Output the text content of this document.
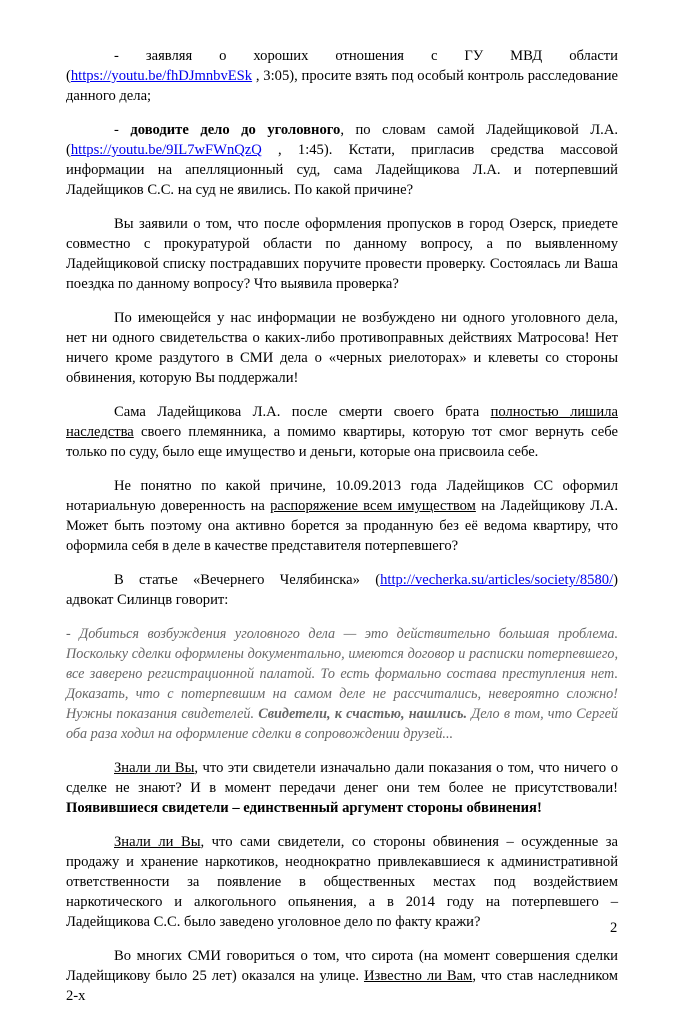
- заявляя о хороших отношения с ГУ МВД области (https://youtu.be/fhDJmnbvESk , 3:05), просите взять под особый контроль расследование данного дела;

- доводите дело до уголовного, по словам самой Ладейщиковой Л.А. (https://youtu.be/9IL7wFWnQzQ , 1:45). Кстати, пригласив средства массовой информации на апелляционный суд, сама Ладейщикова Л.А. и потерпевший Ладейщиков С.С. на суд не явились. По какой причине?

Вы заявили о том, что после оформления пропусков в город Озерск, приедете совместно с прокуратурой области по данному вопросу, а по выявленному Ладейщиковой списку пострадавших поручите провести проверку. Состоялась ли Ваша поездка по данному вопросу? Что выявила проверка?

По имеющейся у нас информации не возбуждено ни одного уголовного дела, нет ни одного свидетельства о каких-либо противоправных действиях Матросова! Нет ничего кроме раздутого в СМИ дела о «черных риелоторах» и клеветы со стороны обвинения, которую Вы поддержали!

Сама Ладейщикова Л.А. после смерти своего брата полностью лишила наследства своего племянника, а помимо квартиры, которую тот смог вернуть себе только по суду, было еще имущество и деньги, которые она присвоила себе.

Не понятно по какой причине, 10.09.2013 года Ладейщиков СС оформил нотариальную доверенность на распоряжение всем имуществом на Ладейщикову Л.А. Может быть поэтому она активно борется за проданную без её ведома квартиру, что оформила себя в деле в качестве представителя потерпевшего?

В статье «Вечернего Челябинска» (http://vecherka.su/articles/society/8580/) адвокат Силинцв говорит:

- Добиться возбуждения уголовного дела — это действительно большая проблема. Поскольку сделки оформлены документально, имеются договор и расписки потерпевшего, все заверено регистрационной палатой. То есть формально состава преступления нет. Доказать, что с потерпевшим на самом деле не рассчитались, невероятно сложно! Нужны показания свидетелей. Свидетели, к счастью, нашлись. Дело в том, что Сергей оба раза ходил на оформление сделки в сопровождении друзей...

Знали ли Вы, что эти свидетели изначально дали показания о том, что ничего о сделке не знают? И в момент передачи денег они тем более не присутствовали! Появившиеся свидетели – единственный аргумент стороны обвинения!

Знали ли Вы, что сами свидетели, со стороны обвинения – осужденные за продажу и хранение наркотиков, неоднократно привлекавшиеся к административной ответственности за появление в общественных местах под воздействием наркотического и алкогольного опьянения, а в 2014 году на потерпевшего – Ладейщикова С.С. было заведено уголовное дело по факту кражи?

Во многих СМИ говориться о том, что сирота (на момент совершения сделки Ладейщикову было 25 лет) оказался на улице. Известно ли Вам, что став наследником 2-х

2
